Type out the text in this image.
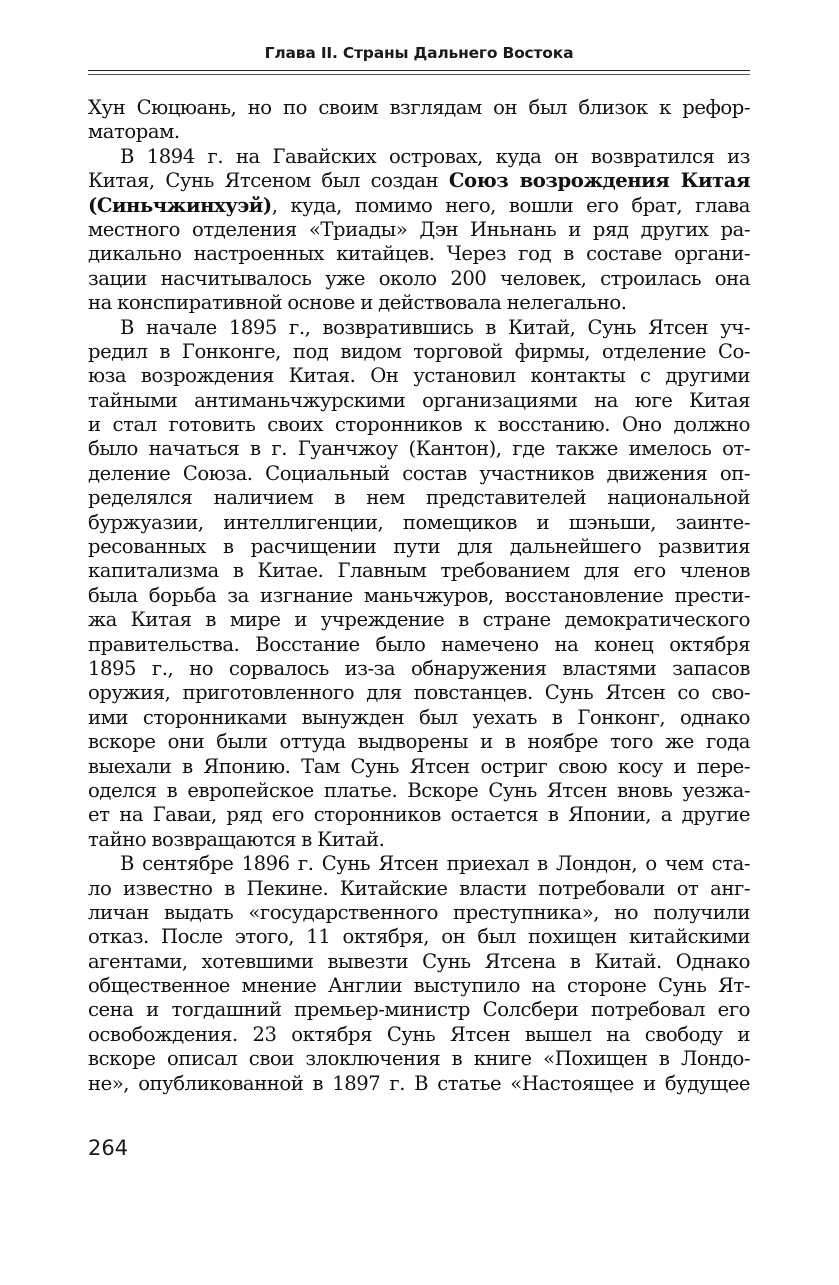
Глава II. Страны Дальнего Востока
Хун Сюцюань, но по своим взглядам он был близок к рефор-
маторам.
В 1894 г. на Гавайских островах, куда он возвратился из
Китая, Сунь Ятсеном был создан Союз возрождения Китая
(Синьчжинхуэй), куда, помимо него, вошли его брат, глава
местного отделения «Триады» Дэн Иньнань и ряд других ра-
дикально настроенных китайцев. Через год в составе органи-
зации насчитывалось уже около 200 человек, строилась она
на конспиративной основе и действовала нелегально.
В начале 1895 г., возвратившись в Китай, Сунь Ятсен уч-
редил в Гонконге, под видом торговой фирмы, отделение Со-
юза возрождения Китая. Он установил контакты с другими
тайными антиманьчжурскими организациями на юге Китая
и стал готовить своих сторонников к восстанию. Оно должно
было начаться в г. Гуанчжоу (Кантон), где также имелось от-
деление Союза. Социальный состав участников движения оп-
ределялся наличием в нем представителей национальной
буржуазии, интеллигенции, помещиков и шэньши, заинте-
ресованных в расчищении пути для дальнейшего развития
капитализма в Китае. Главным требованием для его членов
была борьба за изгнание маньчжуров, восстановление прести-
жа Китая в мире и учреждение в стране демократического
правительства. Восстание было намечено на конец октября
1895 г., но сорвалось из-за обнаружения властями запасов
оружия, приготовленного для повстанцев. Сунь Ятсен со сво-
ими сторонниками вынужден был уехать в Гонконг, однако
вскоре они были оттуда выдворены и в ноябре того же года
выехали в Японию. Там Сунь Ятсен остриг свою косу и пере-
оделся в европейское платье. Вскоре Сунь Ятсен вновь уезжа-
ет на Гаваи, ряд его сторонников остается в Японии, а другие
тайно возвращаются в Китай.
В сентябре 1896 г. Сунь Ятсен приехал в Лондон, о чем ста-
ло известно в Пекине. Китайские власти потребовали от анг-
личан выдать «государственного преступника», но получили
отказ. После этого, 11 октября, он был похищен китайскими
агентами, хотевшими вывезти Сунь Ятсена в Китай. Однако
общественное мнение Англии выступило на стороне Сунь Ят-
сена и тогдашний премьер-министр Солсбери потребовал его
освобождения. 23 октября Сунь Ятсен вышел на свободу и
вскоре описал свои злоключения в книге «Похищен в Лондо-
не», опубликованной в 1897 г. В статье «Настоящее и будущее
264
